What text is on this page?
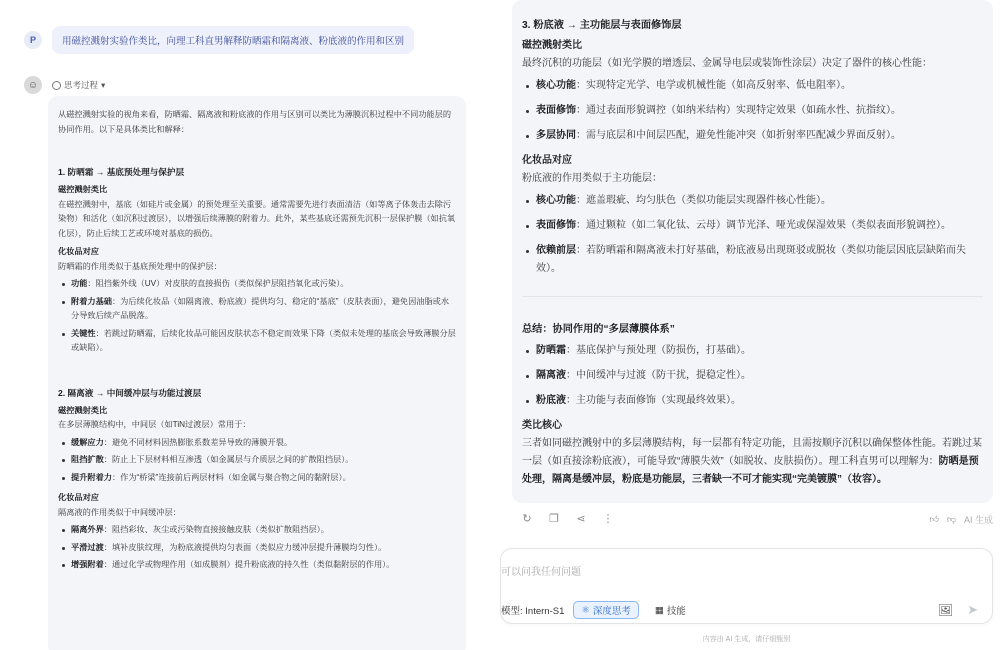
P	用磁控溅射实验作类比，向理工科直男解释防晒霜和隔离液、粉底液的作用和区别
☺	思考过程 ▾

从磁控溅射实验的视角来看，防晒霜、隔离液和粉底液的作用与区别可以类比为薄膜沉积过程中不同功能层的协同作用。以下是具体类比和解释：

1. 防晒霜 → 基底预处理与保护层
磁控溅射类比

在磁控溅射中，基底（如硅片或金属）的预处理至关重要。通常需要先进行表面清洁（如等离子体轰击去除污染物）和活化（如沉积过渡层），以增强后续薄膜的附着力。此外，某些基底还需预先沉积一层保护膜（如抗氧化层），防止后续工艺或环境对基底的损伤。

化妆品对应

防晒霜的作用类似于基底预处理中的保护层：

功能：阻挡紫外线（UV）对皮肤的直接损伤（类似保护层阻挡氧化或污染）。
附着力基础：为后续化妆品（如隔离液、粉底液）提供均匀、稳定的“基底”（皮肤表面），避免因油脂或水分导致后续产品脱落。
关键性：若跳过防晒霜，后续化妆品可能因皮肤状态不稳定而效果下降（类似未处理的基底会导致薄膜分层或缺陷）。
2. 隔离液 → 中间缓冲层与功能过渡层
磁控溅射类比

在多层薄膜结构中，中间层（如TiN过渡层）常用于：

缓解应力：避免不同材料因热膨胀系数差异导致的薄膜开裂。
阻挡扩散：防止上下层材料相互渗透（如金属层与介质层之间的扩散阻挡层）。
提升附着力：作为“桥梁”连接前后两层材料（如金属与聚合物之间的黏附层）。
化妆品对应

隔离液的作用类似于中间缓冲层：

隔离外界：阻挡彩妆、灰尘或污染物直接接触皮肤（类似扩散阻挡层）。
平滑过渡：填补皮肤纹理，为粉底液提供均匀表面（类似应力缓冲层提升薄膜均匀性）。
增强附着：通过化学或物理作用（如成膜剂）提升粉底液的持久性（类似黏附层的作用）。
3. 粉底液 → 主功能层与表面修饰层
磁控溅射类比

最终沉积的功能层（如光学膜的增透层、金属导电层或装饰性涂层）决定了器件的核心性能：

核心功能：实现特定光学、电学或机械性能（如高反射率、低电阻率）。
表面修饰：通过表面形貌调控（如纳米结构）实现特定效果（如疏水性、抗指纹）。
多层协同：需与底层和中间层匹配，避免性能冲突（如折射率匹配减少界面反射）。
化妆品对应

粉底液的作用类似于主功能层：

核心功能：遮盖瑕疵、均匀肤色（类似功能层实现器件核心性能）。
表面修饰：通过颗粒（如二氧化钛、云母）调节光泽、哑光或保湿效果（类似表面形貌调控）。
依赖前层：若防晒霜和隔离液未打好基础，粉底液易出现斑驳或脱妆（类似功能层因底层缺陷而失效）。
总结：协同作用的“多层薄膜体系”
防晒霜：基底保护与预处理（防损伤，打基础）。
隔离液：中间缓冲与过渡（防干扰，提稳定性）。
粉底液：主功能与表面修饰（实现最终效果）。
类比核心

三者如同磁控溅射中的多层薄膜结构，每一层都有特定功能，且需按顺序沉积以确保整体性能。若跳过某一层（如直接涂粉底液），可能导致“薄膜失效”（如脱妆、皮肤损伤）。理工科直男可以理解为：防晒是预处理，隔离是缓冲层，粉底是功能层，三者缺一不可才能实现“完美镀膜”（妆容）。

↻ ❐ ⋖ ⋮	👍︎ 👎︎ AI 生成
可以问我任何问题
模型: Intern-S1 ⚛ 深度思考	▦ 技能	🖼︎ ➤
内容由 AI 生成，请仔细甄别
